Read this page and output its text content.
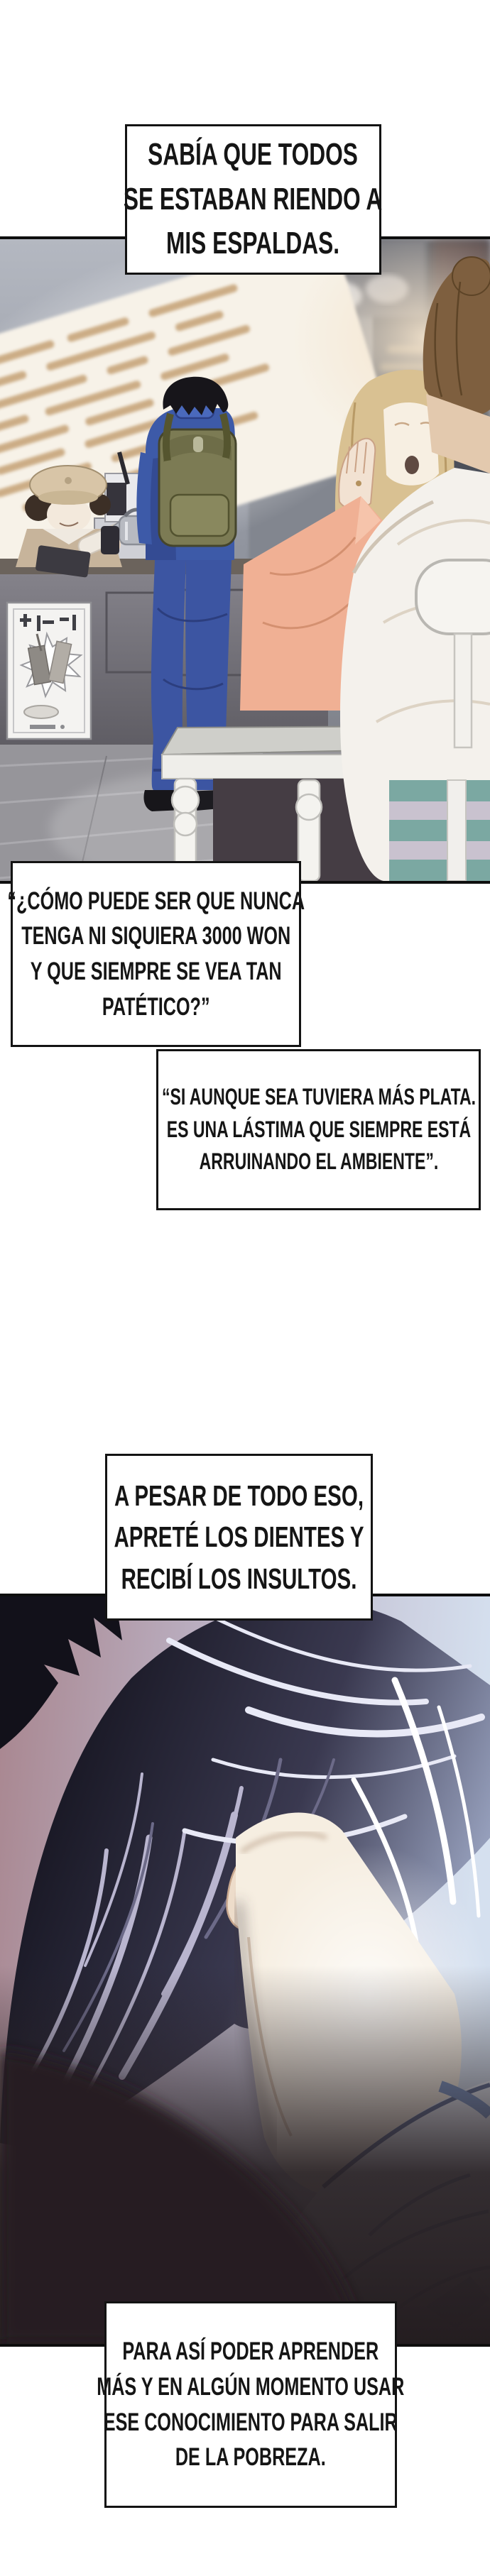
SABÍA QUE TODOS
SE ESTABAN RIENDO A
MIS ESPALDAS.
“¿CÓMO PUEDE SER QUE NUNCA
TENGA NI SIQUIERA 3000 WON
Y QUE SIEMPRE SE VEA TAN
PATÉTICO?”
“SI AUNQUE SEA TUVIERA MÁS PLATA.
ES UNA LÁSTIMA QUE SIEMPRE ESTÁ
ARRUINANDO EL AMBIENTE”.
A PESAR DE TODO ESO,
APRETÉ LOS DIENTES Y
RECIBÍ LOS INSULTOS.
PARA ASÍ PODER APRENDER
MÁS Y EN ALGÚN MOMENTO USAR
ESE CONOCIMIENTO PARA SALIR
DE LA POBREZA.
